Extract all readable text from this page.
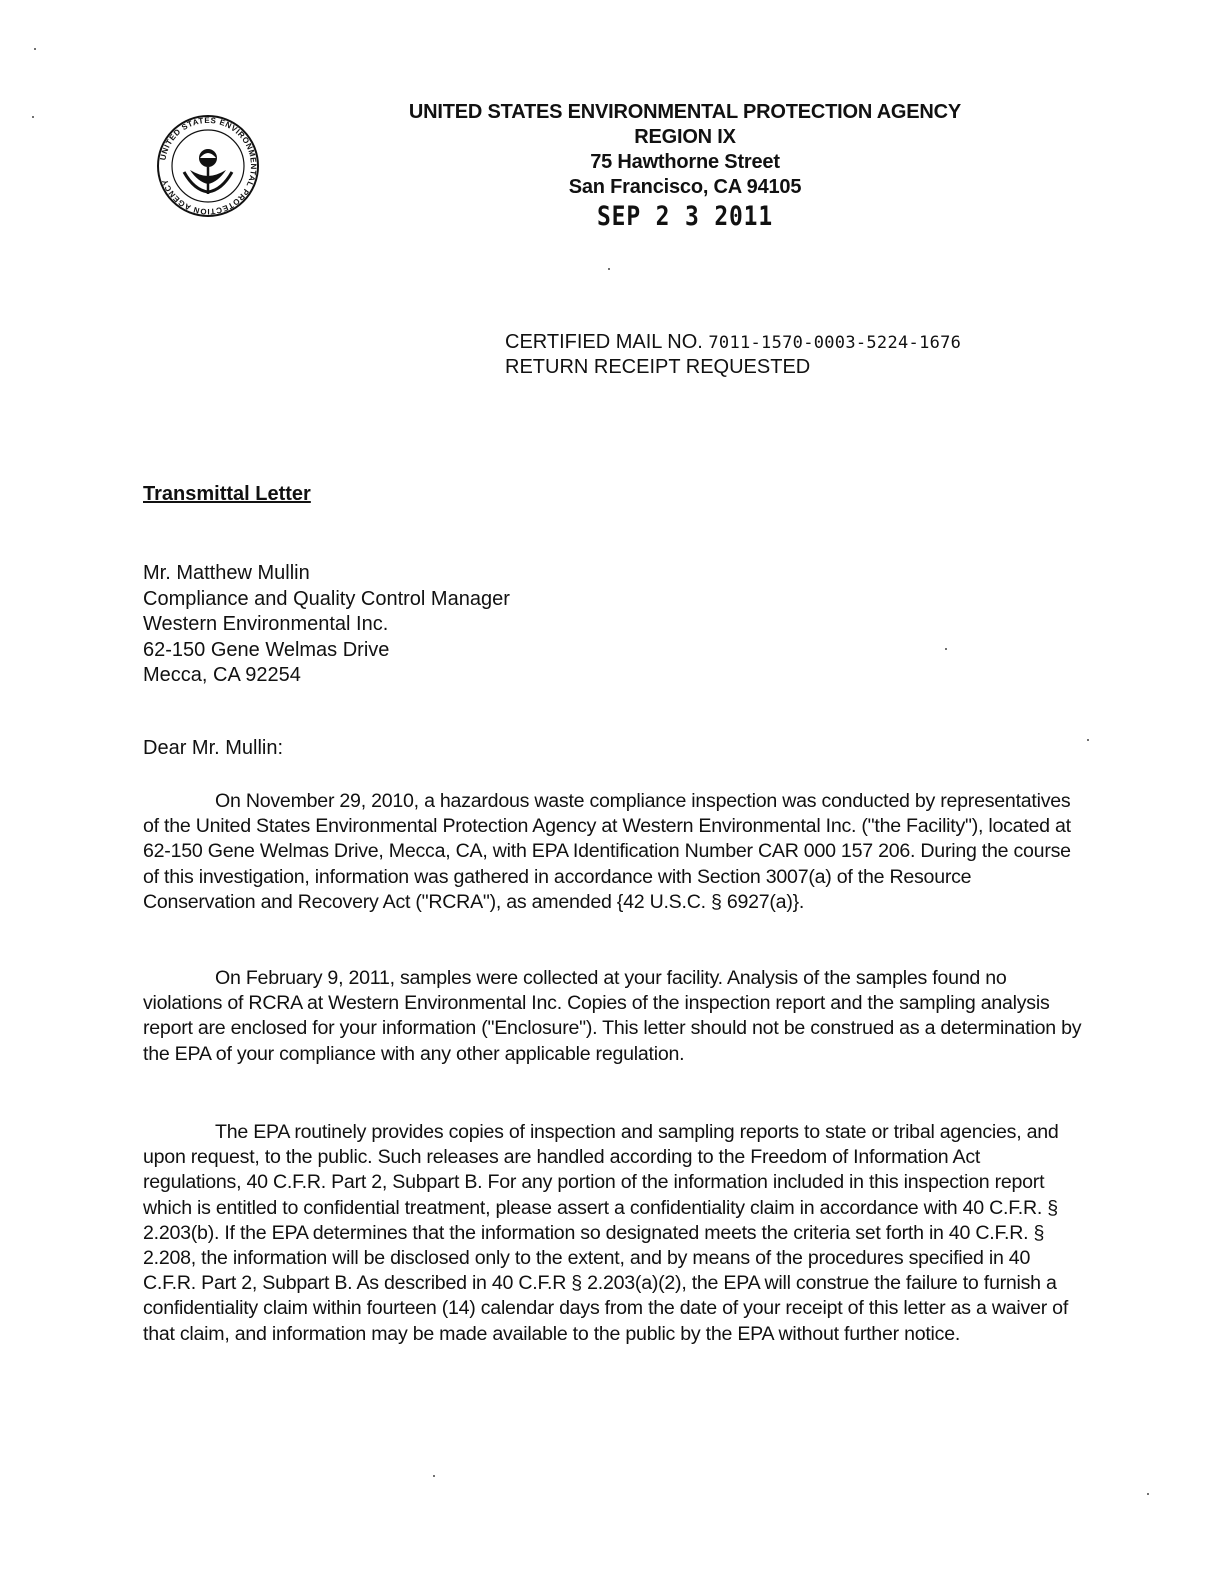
UNITED STATES ENVIRONMENTAL PROTECTION AGENCY
UNITED STATES ENVIRONMENTAL PROTECTION AGENCY
REGION IX
75 Hawthorne Street
San Francisco, CA 94105
SEP 2 3 2011
CERTIFIED MAIL NO. 7011-1570-0003-5224-1676
RETURN RECEIPT REQUESTED
Transmittal Letter
Mr. Matthew Mullin
Compliance and Quality Control Manager
Western Environmental Inc.
62-150 Gene Welmas Drive
Mecca, CA 92254
Dear Mr. Mullin:

On November 29, 2010, a hazardous waste compliance inspection was conducted by representatives of the United States Environmental Protection Agency at Western Environmental Inc. ("the Facility"), located at 62-150 Gene Welmas Drive, Mecca, CA, with EPA Identification Number CAR 000 157 206. During the course of this investigation, information was gathered in accordance with Section 3007(a) of the Resource Conservation and Recovery Act ("RCRA"), as amended {42 U.S.C. § 6927(a)}.

On February 9, 2011, samples were collected at your facility. Analysis of the samples found no violations of RCRA at Western Environmental Inc. Copies of the inspection report and the sampling analysis report are enclosed for your information ("Enclosure"). This letter should not be construed as a determination by the EPA of your compliance with any other applicable regulation.

The EPA routinely provides copies of inspection and sampling reports to state or tribal agencies, and upon request, to the public. Such releases are handled according to the Freedom of Information Act regulations, 40 C.F.R. Part 2, Subpart B. For any portion of the information included in this inspection report which is entitled to confidential treatment, please assert a confidentiality claim in accordance with 40 C.F.R. § 2.203(b). If the EPA determines that the information so designated meets the criteria set forth in 40 C.F.R. § 2.208, the information will be disclosed only to the extent, and by means of the procedures specified in 40 C.F.R. Part 2, Subpart B. As described in 40 C.F.R § 2.203(a)(2), the EPA will construe the failure to furnish a confidentiality claim within fourteen (14) calendar days from the date of your receipt of this letter as a waiver of that claim, and information may be made available to the public by the EPA without further notice.
